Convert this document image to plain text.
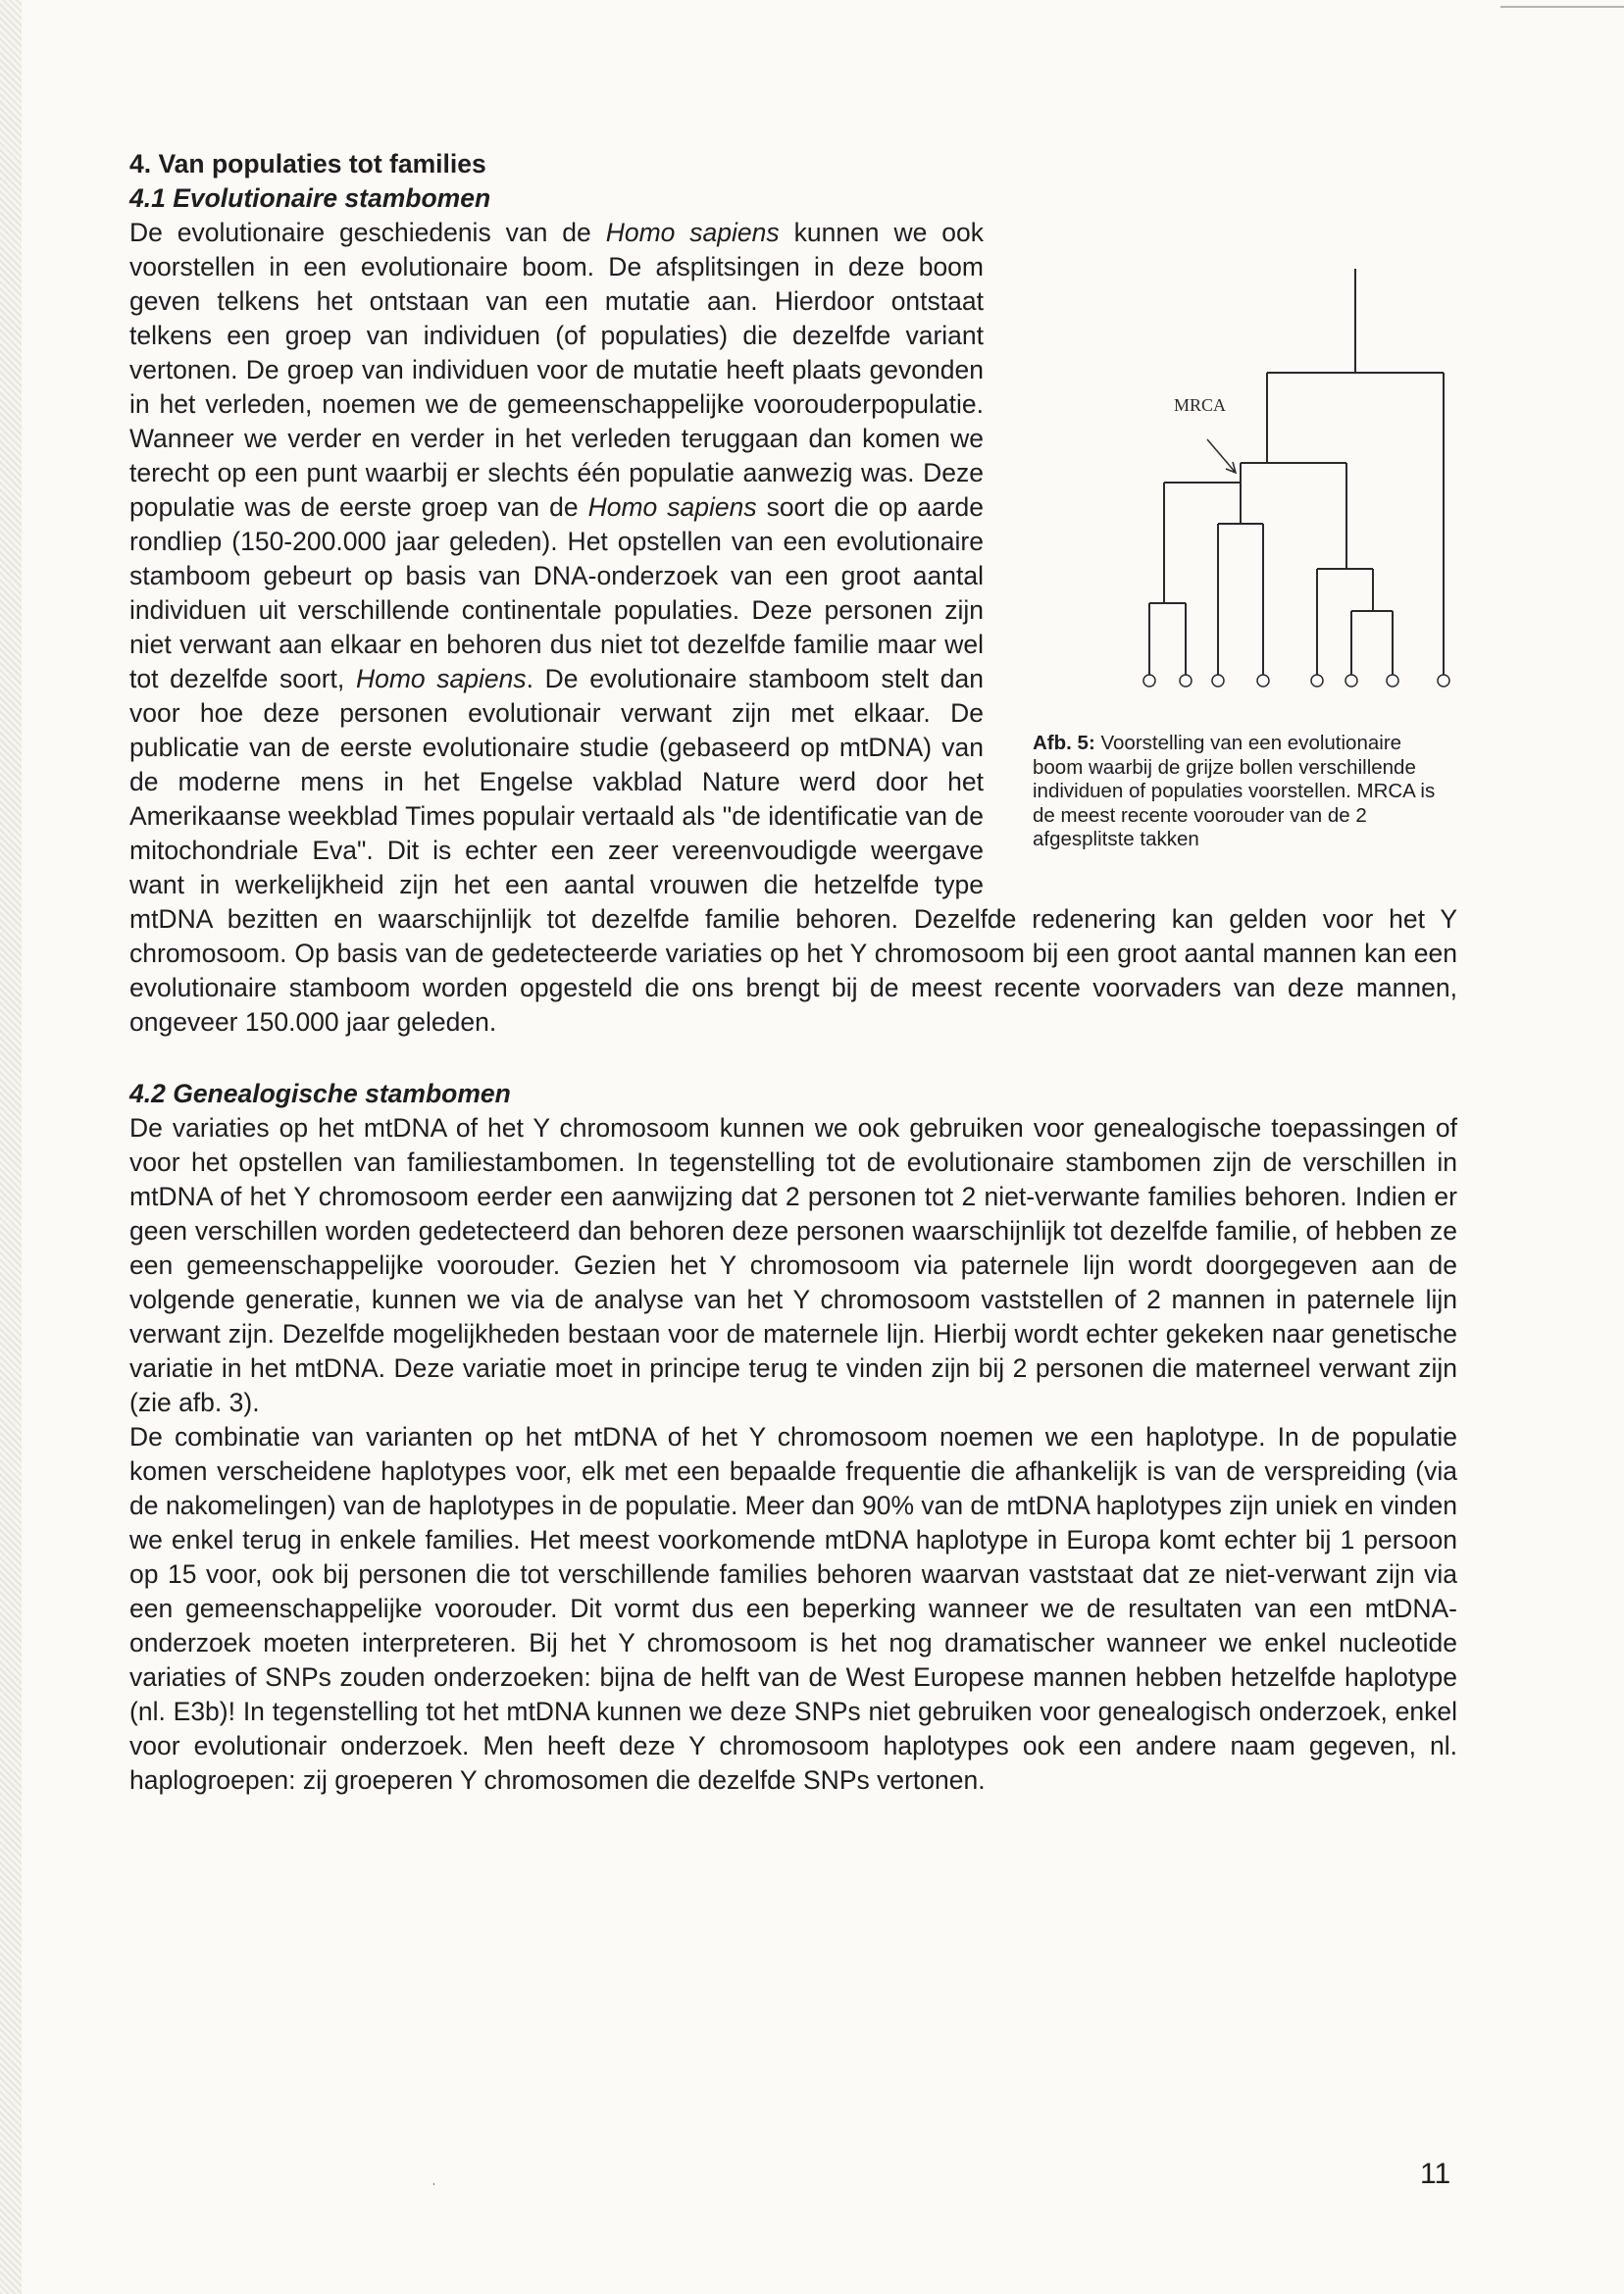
4. Van populaties tot families
4.1 Evolutionaire stambomen
MRCA
Afb. 5: Voorstelling van een evolutionaire boom waarbij de grijze bollen verschillende individuen of populaties voorstellen. MRCA is de meest recente voorouder van de 2 afgesplitste takken

De evolutionaire geschiedenis van de Homo sapiens kunnen we ook voorstellen in een evolutionaire boom. De afsplitsingen in deze boom geven telkens het ontstaan van een mutatie aan. Hierdoor ontstaat telkens een groep van individuen (of populaties) die dezelfde variant vertonen. De groep van individuen voor de mutatie heeft plaats gevonden in het verleden, noemen we de gemeenschappelijke voorouderpopulatie. Wanneer we verder en verder in het verleden teruggaan dan komen we terecht op een punt waarbij er slechts één populatie aanwezig was. Deze populatie was de eerste groep van de Homo sapiens soort die op aarde rondliep (150-200.000 jaar geleden). Het opstellen van een evolutionaire stamboom gebeurt op basis van DNA-onderzoek van een groot aantal individuen uit verschillende continentale populaties. Deze personen zijn niet verwant aan elkaar en behoren dus niet tot dezelfde familie maar wel tot dezelfde soort, Homo sapiens. De evolutionaire stamboom stelt dan voor hoe deze personen evolutionair verwant zijn met elkaar. De publicatie van de eerste evolutionaire studie (gebaseerd op mtDNA) van de moderne mens in het Engelse vakblad Nature werd door het Amerikaanse weekblad Times populair vertaald als "de identificatie van de mitochondriale Eva". Dit is echter een zeer vereenvoudigde weergave want in werkelijkheid zijn het een aantal vrouwen die hetzelfde type mtDNA bezitten en waarschijnlijk tot dezelfde familie behoren. Dezelfde redenering kan gelden voor het Y chromosoom. Op basis van de gedetecteerde variaties op het Y chromosoom bij een groot aantal mannen kan een evolutionaire stamboom worden opgesteld die ons brengt bij de meest recente voorvaders van deze mannen, ongeveer 150.000 jaar geleden.

4.2 Genealogische stambomen

De variaties op het mtDNA of het Y chromosoom kunnen we ook gebruiken voor genealogische toepassingen of voor het opstellen van familiestambomen. In tegenstelling tot de evolutionaire stambomen zijn de verschillen in mtDNA of het Y chromosoom eerder een aanwijzing dat 2 personen tot 2 niet-verwante families behoren. Indien er geen verschillen worden gedetecteerd dan behoren deze personen waarschijnlijk tot dezelfde familie, of hebben ze een gemeenschappelijke voorouder. Gezien het Y chromosoom via paternele lijn wordt doorgegeven aan de volgende generatie, kunnen we via de analyse van het Y chromosoom vaststellen of 2 mannen in paternele lijn verwant zijn. Dezelfde mogelijkheden bestaan voor de maternele lijn. Hierbij wordt echter gekeken naar genetische variatie in het mtDNA. Deze variatie moet in principe terug te vinden zijn bij 2 personen die materneel verwant zijn (zie afb. 3).

De combinatie van varianten op het mtDNA of het Y chromosoom noemen we een haplotype. In de populatie komen verscheidene haplotypes voor, elk met een bepaalde frequentie die afhankelijk is van de verspreiding (via de nakomelingen) van de haplotypes in de populatie. Meer dan 90% van de mtDNA haplotypes zijn uniek en vinden we enkel terug in enkele families. Het meest voorkomende mtDNA haplotype in Europa komt echter bij 1 persoon op 15 voor, ook bij personen die tot verschillende families behoren waarvan vaststaat dat ze niet-verwant zijn via een gemeenschappelijke voorouder. Dit vormt dus een beperking wanneer we de resultaten van een mtDNA-onderzoek moeten interpreteren. Bij het Y chromosoom is het nog dramatischer wanneer we enkel nucleotide variaties of SNPs zouden onderzoeken: bijna de helft van de West Europese mannen hebben hetzelfde haplotype (nl. E3b)! In tegenstelling tot het mtDNA kunnen we deze SNPs niet gebruiken voor genealogisch onderzoek, enkel voor evolutionair onderzoek. Men heeft deze Y chromosoom haplotypes ook een andere naam gegeven, nl. haplogroepen: zij groeperen Y chromosomen die dezelfde SNPs vertonen.

ˌ	11
